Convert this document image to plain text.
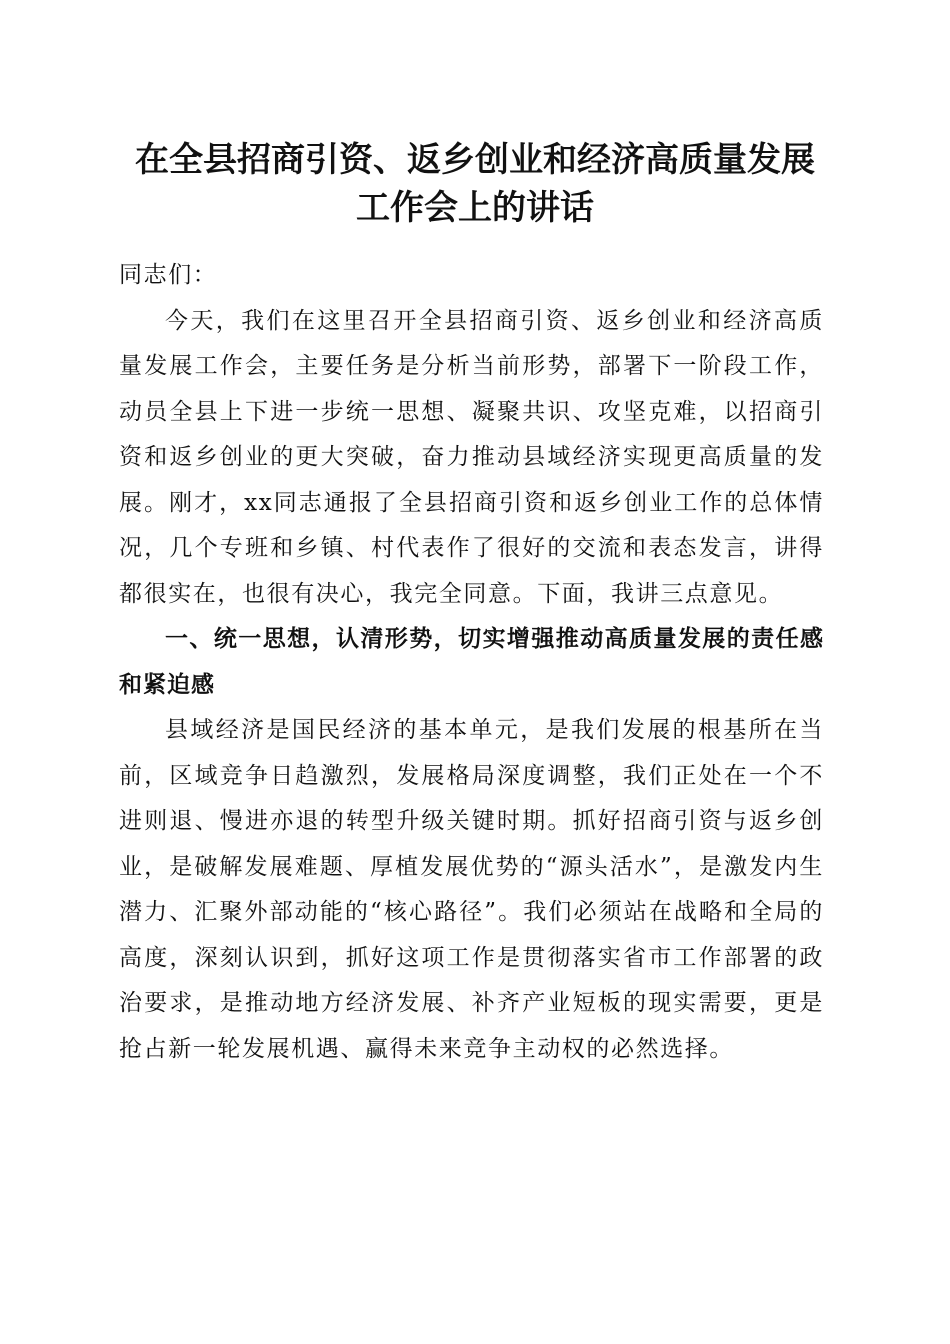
在全县招商引资、返乡创业和经济高质量发展
工作会上的讲话

同志们：

今天，我们在这里召开全县招商引资、返乡创业和经济高质量发展工作会，主要任务是分析当前形势，部署下一阶段工作，动员全县上下进一步统一思想、凝聚共识、攻坚克难，以招商引资和返乡创业的更大突破，奋力推动县域经济实现更高质量的发展。刚才，xx同志通报了全县招商引资和返乡创业工作的总体情况，几个专班和乡镇、村代表作了很好的交流和表态发言，讲得都很实在，也很有决心，我完全同意。下面，我讲三点意见。

一、统一思想，认清形势，切实增强推动高质量发展的责任感和紧迫感

县域经济是国民经济的基本单元，是我们发展的根基所在当前，区域竞争日趋激烈，发展格局深度调整，我们正处在一个不进则退、慢进亦退的转型升级关键时期。抓好招商引资与返乡创业，是破解发展难题、厚植发展优势的“源头活水”，是激发内生潜力、汇聚外部动能的“核心路径”。我们必须站在战略和全局的高度，深刻认识到，抓好这项工作是贯彻落实省市工作部署的政治要求，是推动地方经济发展、补齐产业短板的现实需要，更是抢占新一轮发展机遇、赢得未来竞争主动权的必然选择。
